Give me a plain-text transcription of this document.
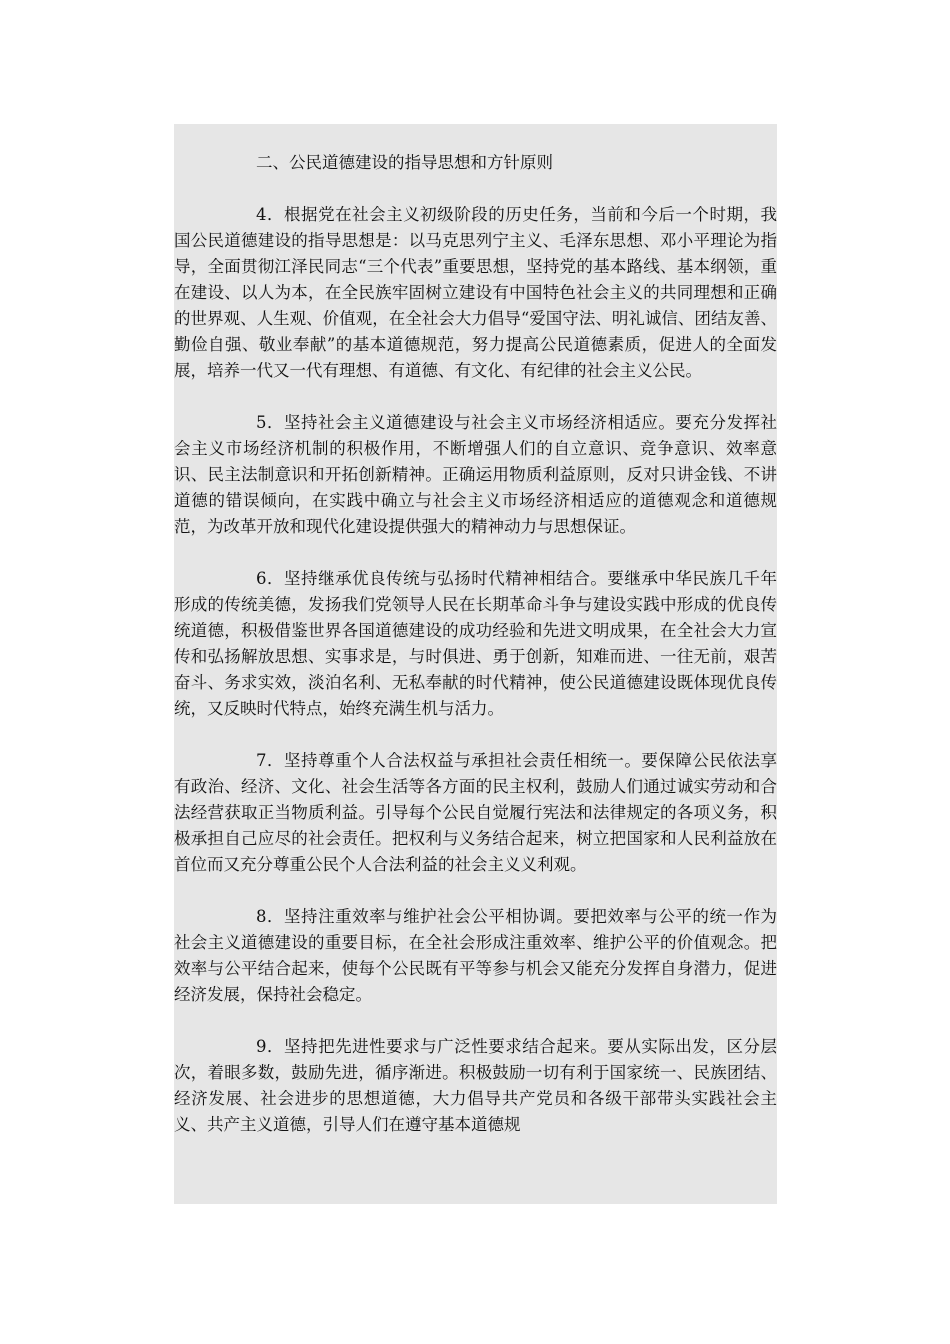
二、公民道德建设的指导思想和方针原则

4．根据党在社会主义初级阶段的历史任务，当前和今后一个时期，我国公民道德建设的指导思想是：以马克思列宁主义、毛泽东思想、邓小平理论为指导，全面贯彻江泽民同志“三个代表”重要思想，坚持党的基本路线、基本纲领，重在建设、以人为本，在全民族牢固树立建设有中国特色社会主义的共同理想和正确的世界观、人生观、价值观，在全社会大力倡导“爱国守法、明礼诚信、团结友善、勤俭自强、敬业奉献”的基本道德规范，努力提高公民道德素质，促进人的全面发展，培养一代又一代有理想、有道德、有文化、有纪律的社会主义公民。

5．坚持社会主义道德建设与社会主义市场经济相适应。要充分发挥社会主义市场经济机制的积极作用，不断增强人们的自立意识、竞争意识、效率意识、民主法制意识和开拓创新精神。正确运用物质利益原则，反对只讲金钱、不讲道德的错误倾向，在实践中确立与社会主义市场经济相适应的道德观念和道德规范，为改革开放和现代化建设提供强大的精神动力与思想保证。

6．坚持继承优良传统与弘扬时代精神相结合。要继承中华民族几千年形成的传统美德，发扬我们党领导人民在长期革命斗争与建设实践中形成的优良传统道德，积极借鉴世界各国道德建设的成功经验和先进文明成果，在全社会大力宣传和弘扬解放思想、实事求是，与时俱进、勇于创新，知难而进、一往无前，艰苦奋斗、务求实效，淡泊名利、无私奉献的时代精神，使公民道德建设既体现优良传统，又反映时代特点，始终充满生机与活力。

7．坚持尊重个人合法权益与承担社会责任相统一。要保障公民依法享有政治、经济、文化、社会生活等各方面的民主权利，鼓励人们通过诚实劳动和合法经营获取正当物质利益。引导每个公民自觉履行宪法和法律规定的各项义务，积极承担自己应尽的社会责任。把权利与义务结合起来，树立把国家和人民利益放在首位而又充分尊重公民个人合法利益的社会主义义利观。

8．坚持注重效率与维护社会公平相协调。要把效率与公平的统一作为社会主义道德建设的重要目标，在全社会形成注重效率、维护公平的价值观念。把效率与公平结合起来，使每个公民既有平等参与机会又能充分发挥自身潜力，促进经济发展，保持社会稳定。

9．坚持把先进性要求与广泛性要求结合起来。要从实际出发，区分层次，着眼多数，鼓励先进，循序渐进。积极鼓励一切有利于国家统一、民族团结、经济发展、社会进步的思想道德，大力倡导共产党员和各级干部带头实践社会主义、共产主义道德，引导人们在遵守基本道德规
